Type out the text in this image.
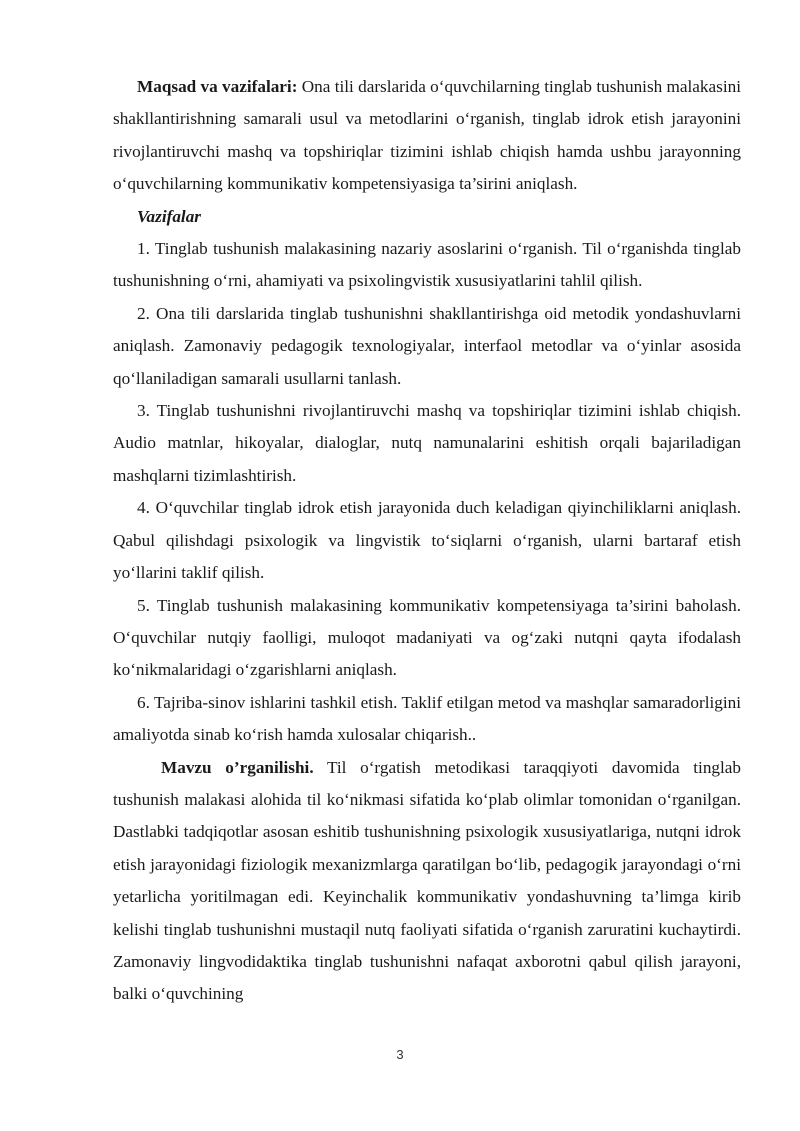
Maqsad va vazifalari: Ona tili darslarida o‘quvchilarning tinglab tushunish malakasini shakllantirishning samarali usul va metodlarini o‘rganish, tinglab idrok etish jarayonini rivojlantiruvchi mashq va topshiriqlar tizimini ishlab chiqish hamda ushbu jarayonning o‘quvchilarning kommunikativ kompetensiyasiga ta’sirini aniqlash.

Vazifalar

1. Tinglab tushunish malakasining nazariy asoslarini o‘rganish. Til o‘rganishda tinglab tushunishning o‘rni, ahamiyati va psixolingvistik xususiyatlarini tahlil qilish.

2. Ona tili darslarida tinglab tushunishni shakllantirishga oid metodik yondashuvlarni aniqlash. Zamonaviy pedagogik texnologiyalar, interfaol metodlar va o‘yinlar asosida qo‘llaniladigan samarali usullarni tanlash.

3. Tinglab tushunishni rivojlantiruvchi mashq va topshiriqlar tizimini ishlab chiqish. Audio matnlar, hikoyalar, dialoglar, nutq namunalarini eshitish orqali bajariladigan mashqlarni tizimlashtirish.

4. O‘quvchilar tinglab idrok etish jarayonida duch keladigan qiyinchiliklarni aniqlash. Qabul qilishdagi psixologik va lingvistik to‘siqlarni o‘rganish, ularni bartaraf etish yo‘llarini taklif qilish.

5. Tinglab tushunish malakasining kommunikativ kompetensiyaga ta’sirini baholash. O‘quvchilar nutqiy faolligi, muloqot madaniyati va og‘zaki nutqni qayta ifodalash ko‘nikmalaridagi o‘zgarishlarni aniqlash.

6. Tajriba-sinov ishlarini tashkil etish. Taklif etilgan metod va mashqlar samaradorligini amaliyotda sinab ko‘rish hamda xulosalar chiqarish..

Mavzu o’rganilishi. Til o‘rgatish metodikasi taraqqiyoti davomida tinglab tushunish malakasi alohida til ko‘nikmasi sifatida ko‘plab olimlar tomonidan o‘rganilgan. Dastlabki tadqiqotlar asosan eshitib tushunishning psixologik xususiyatlariga, nutqni idrok etish jarayonidagi fiziologik mexanizmlarga qaratilgan bo‘lib, pedagogik jarayondagi o‘rni yetarlicha yoritilmagan edi. Keyinchalik kommunikativ yondashuvning ta’limga kirib kelishi tinglab tushunishni mustaqil nutq faoliyati sifatida o‘rganish zaruratini kuchaytirdi. Zamonaviy lingvodidaktika tinglab tushunishni nafaqat axborotni qabul qilish jarayoni, balki o‘quvchining

3
